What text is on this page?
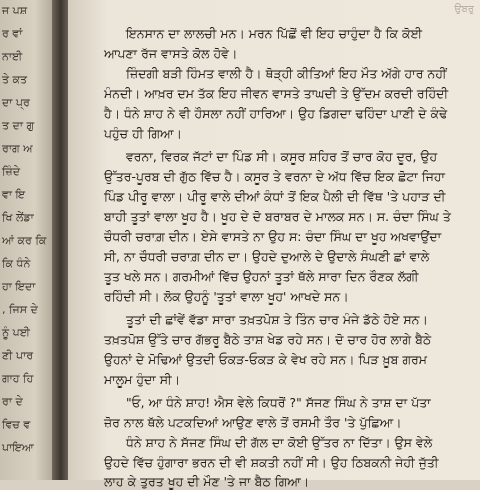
ਜ ਪਸ਼
ਰ ਵਾਂ
ਨਾਈ
ਤੇ ਕਤ
ਦਾ ਪ੍ਰ
ਤ ਦਾ ਗੁ
ਰਾਗ ਅ
ਜ਼ਿੰਦੇ
ਵਾ ਇ
ਖਿ ਲੇਂਡਾ
ਆਂ ਕਰ ਕਿ
ਕਿ ਧੰਨੇ
ਹਾ ਇਦਾ
, ਜਿਸ ਦੇ
ਨੂੰ ਪਈ
ਣੀ ਪਾਰ
ਗਾਹ ਹਿ
ਰਾ ਦੇ
ਵਿਚ ਵ
ਪਾਇਆ
ਉਬਰੁ
ਇਨਸਾਨ ਦਾ ਲਾਲਚੀ ਮਨ। ਮਰਨ ਪਿੱਛੋਂ ਵੀ ਇਹ ਚਾਹੁੰਦਾ ਹੈ ਕਿ ਕੋਈ
ਆਪਣਾ ਰੱਜ ਵਾਸਤੇ ਕੋਲ ਹੋਵੇ।
ਜ਼ਿੰਦਗੀ ਬੜੀ ਹਿੰਮਤ ਵਾਲੀ ਹੈ। ਥੋੜ੍ਹੀ ਕੀਤਿਆਂ ਇਹ ਮੌਤ ਅੱਗੇ ਹਾਰ ਨਹੀਂ
ਮੰਨਦੀ। ਆਖ਼ਰ ਦਮ ਤੱਕ ਇਹ ਜੀਵਨ ਵਾਸਤੇ ਤਾਘਦੀ ਤੇ ਉੱਦਮ ਕਰਦੀ ਰਹਿੰਦੀ
ਹੈ। ਧੰਨੇ ਸ਼ਾਹ ਨੇ ਵੀ ਹੌਸਲਾ ਨਹੀਂ ਹਾਰਿਆ। ਉਹ ਡਿਗਦਾ ਢਹਿੰਦਾ ਪਾਣੀ ਦੇ ਕੰਢੇ
ਪਹੁੰਚ ਹੀ ਗਿਆ।
ਵਰਨਾ, ਵਿਰਕ ਜੱਟਾਂ ਦਾ ਪਿੰਡ ਸੀ। ਕਸੂਰ ਸ਼ਹਿਰ ਤੋਂ ਚਾਰ ਕੋਹ ਦੂਰ, ਉਹ
ਉੱਤਰ-ਪੂਰਬ ਦੀ ਗੁੱਠ ਵਿੱਚ ਹੈ। ਕਸੂਰ ਤੇ ਵਰਨਾ ਦੇ ਅੱਧ ਵਿੱਚ ਇਕ ਛੋਟਾ ਜਿਹਾ
ਪਿੰਡ ਪੀਰੂ ਵਾਲਾ। ਪੀਰੂ ਵਾਲੇ ਦੀਆਂ ਕੰਧਾਂ ਤੋਂ ਇਕ ਪੈਲੀ ਦੀ ਵਿੱਥ 'ਤੇ ਪਹਾੜ ਦੀ
ਬਾਹੀ ਤੂਤਾਂ ਵਾਲਾ ਖੂਹ ਹੈ। ਖੂਹ ਦੇ ਦੋ ਬਰਾਬਰ ਦੇ ਮਾਲਕ ਸਨ। ਸ. ਚੰਦਾ ਸਿੰਘ ਤੇ
ਚੌਧਰੀ ਚਰਾਗ਼ ਦੀਨ। ਏਸੇ ਵਾਸਤੇ ਨਾ ਉਹ ਸ: ਚੰਦਾ ਸਿੰਘ ਦਾ ਖੂਹ ਅਖਵਾਉਂਦਾ
ਸੀ, ਨਾ ਚੌਧਰੀ ਚਰਾਗ਼ ਦੀਨ ਦਾ। ਉਹਦੇ ਦੁਆਲੇ ਦੇ ਉਦਾਲੇ ਸੰਘਣੀ ਛਾਂ ਵਾਲੇ
ਤੂਤ ਖਲੇ ਸਨ। ਗਰਮੀਆਂ ਵਿੱਚ ਉਹਨਾਂ ਤੂਤਾਂ ਥੱਲੇ ਸਾਰਾ ਦਿਨ ਰੌਣਕ ਲੱਗੀ
ਰਹਿੰਦੀ ਸੀ। ਲੋਕ ਉਹਨੂੰ 'ਤੂਤਾਂ ਵਾਲਾ ਖੂਹ' ਆਖਦੇ ਸਨ।
ਤੂਤਾਂ ਦੀ ਛਾਂਵੇਂ ਵੱਡਾ ਸਾਰਾ ਤਖ਼ਤਪੋਸ਼ ਤੇ ਤਿੰਨ ਚਾਰ ਮੰਜੇ ਡੱਠੇ ਹੋਏ ਸਨ।
ਤਖ਼ਤਪੋਸ਼ ਉੱਤੇ ਚਾਰ ਗੱਭਰੂ ਬੈਠੇ ਤਾਸ਼ ਖੇਡ ਰਹੇ ਸਨ। ਦੋ ਚਾਰ ਹੋਰ ਲਾਗੇ ਬੈਠੇ
ਉਹਨਾਂ ਦੇ ਮੋਢਿਆਂ ਉਤਦੀ ਓਕੜ-ਓਕੜ ਕੇ ਵੇਖ ਰਹੇ ਸਨ। ਪਿੜ ਖ਼ੂਬ ਗਰਮ
ਮਾਲੂਮ ਹੁੰਦਾ ਸੀ।
"ਓ, ਆ ਧੰਨੇ ਸ਼ਾਹ! ਐਸ ਵੇਲੇ ਕਿਧਰੋਂ ?" ਸੱਜਣ ਸਿੰਘ ਨੇ ਤਾਸ਼ ਦਾ ਪੱਤਾ
ਜ਼ੋਰ ਨਾਲ ਥੱਲੇ ਪਟਕਦਿਆਂ ਆਉਣ ਵਾਲੇ ਤੋਂ ਰਸਮੀ ਤੌਰ 'ਤੇ ਪੁੱਛਿਆ।
ਧੰਨੇ ਸ਼ਾਹ ਨੇ ਸੱਜਣ ਸਿੰਘ ਦੀ ਗੱਲ ਦਾ ਕੋਈ ਉੱਤਰ ਨਾ ਦਿੱਤਾ। ਉਸ ਵੇਲੇ
ਉਹਦੇ ਵਿੱਚ ਹੁੰਗਾਰਾ ਭਰਨ ਦੀ ਵੀ ਸ਼ਕਤੀ ਨਹੀਂ ਸੀ। ਉਹ ਠਿਬਕਨੀ ਜੇਹੀ ਜੁੱਤੀ
ਲਾਹ ਕੇ ਤੁਰਤ ਖੂਹ ਦੀ ਮੌਣ 'ਤੇ ਜਾ ਬੈਠ ਗਿਆ।
